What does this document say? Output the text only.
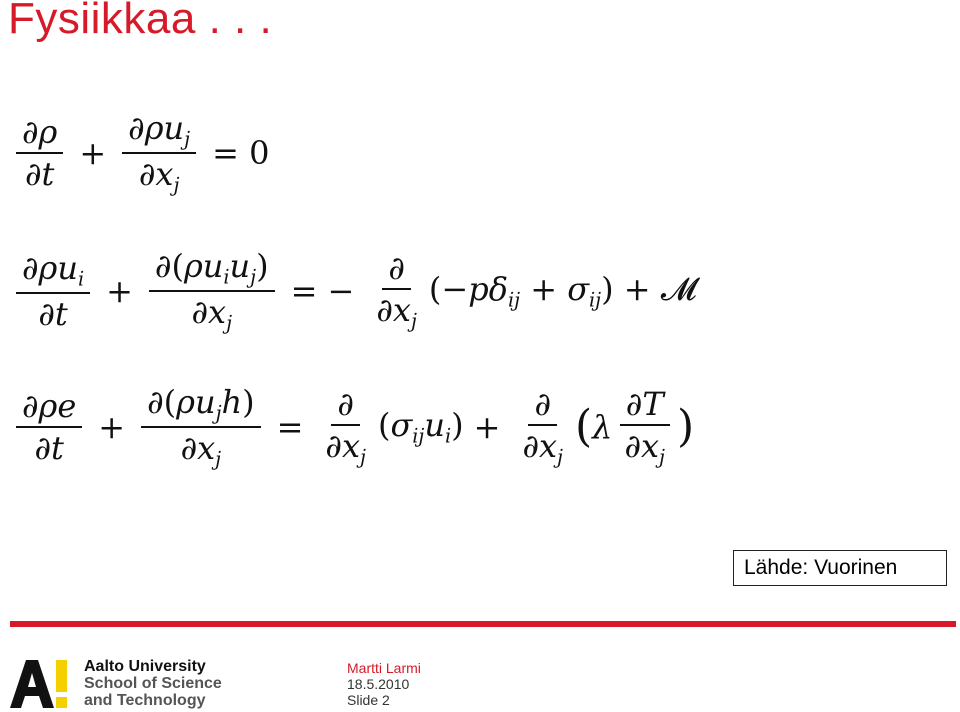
Fysiikkaa . . .
$\frac{\partial\rho}{\partial t} + \frac{\partial\rho u_j}{\partial x_j} = 0$
$\frac{\partial\rho u_i}{\partial t} + \frac{\partial(\rho u_iu_j)}{\partial x_j}$ = − $\frac{\partial}{\partial x_j} (-p\delta_{ij} + \sigma_{ij})$ + 𝓜
$\frac{\partial\rho e}{\partial t} + \frac{\partial(\rho u_jh)}{\partial x_j} = \frac{\partial}{\partial x_j} (\sigma_{ij}u_i) + \frac{\partial}{\partial x_j}$ ( λ $\frac{\partial T}{\partial x_j}$ )
Lähde: Vuorinen
Aalto University
School of Science
and Technology
Martti Larmi
18.5.2010
Slide 2
